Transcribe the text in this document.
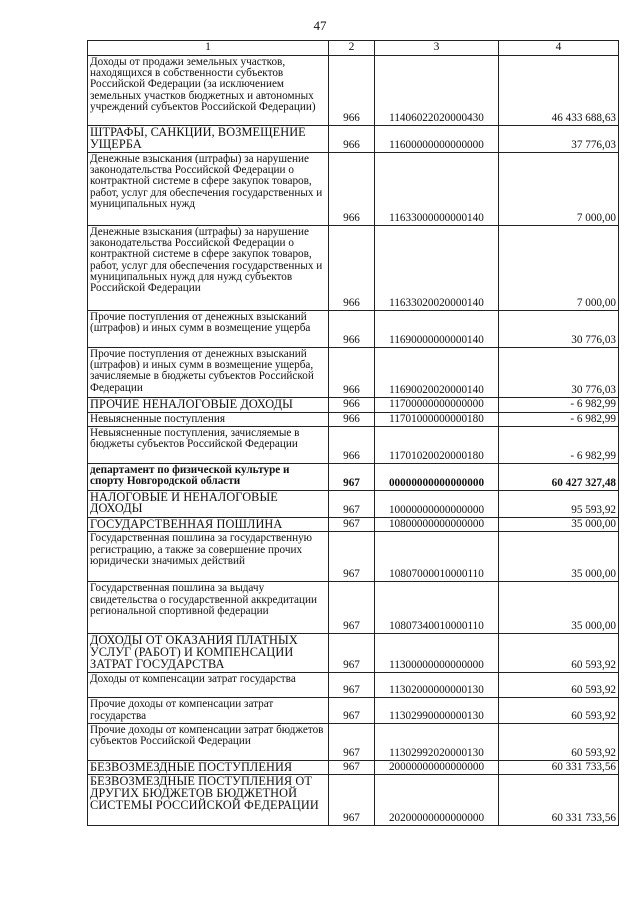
47
1	2	3	4
Доходы от продажи земельных участков, находящихся в собственности субъектов Российской Федерации (за исключением земельных участков бюджетных и автономных учреждений субъектов Российской Федерации)	966	11406022020000430	46 433 688,63
ШТРАФЫ, САНКЦИИ, ВОЗМЕЩЕНИЕ УЩЕРБА	966	11600000000000000	37 776,03
Денежные взыскания (штрафы) за нарушение законодательства Российской Федерации о контрактной системе в сфере закупок товаров, работ, услуг для обеспечения государственных и муниципальных нужд	966	11633000000000140	7 000,00
Денежные взыскания (штрафы) за нарушение законодательства Российской Федерации о контрактной системе в сфере закупок товаров, работ, услуг для обеспечения государственных и муниципальных нужд для нужд субъектов Российской Федерации	966	11633020020000140	7 000,00
Прочие поступления от денежных взысканий (штрафов) и иных сумм в возмещение ущерба	966	11690000000000140	30 776,03
Прочие поступления от денежных взысканий (штрафов) и иных сумм в возмещение ущерба, зачисляемые в бюджеты субъектов Российской Федерации	966	11690020020000140	30 776,03
ПРОЧИЕ НЕНАЛОГОВЫЕ ДОХОДЫ	966	11700000000000000	- 6 982,99
Невыясненные поступления	966	11701000000000180	- 6 982,99
Невыясненные поступления, зачисляемые в бюджеты субъектов Российской Федерации	966	11701020020000180	- 6 982,99
департамент по физической культуре и спорту Новгородской области	967	00000000000000000	60 427 327,48
НАЛОГОВЫЕ И НЕНАЛОГОВЫЕ ДОХОДЫ	967	10000000000000000	95 593,92
ГОСУДАРСТВЕННАЯ ПОШЛИНА	967	10800000000000000	35 000,00
Государственная пошлина за государственную регистрацию, а также за совершение прочих юридически значимых действий	967	10807000010000110	35 000,00
Государственная пошлина за выдачу свидетельства о государственной аккредитации региональной спортивной федерации	967	10807340010000110	35 000,00
ДОХОДЫ ОТ ОКАЗАНИЯ ПЛАТНЫХ УСЛУГ (РАБОТ) И КОМПЕНСАЦИИ ЗАТРАТ ГОСУДАРСТВА	967	11300000000000000	60 593,92
Доходы от компенсации затрат государства	967	11302000000000130	60 593,92
Прочие доходы от компенсации затрат государства	967	11302990000000130	60 593,92
Прочие доходы от компенсации затрат бюджетов субъектов Российской Федерации	967	11302992020000130	60 593,92
БЕЗВОЗМЕЗДНЫЕ ПОСТУПЛЕНИЯ	967	20000000000000000	60 331 733,56
БЕЗВОЗМЕЗДНЫЕ ПОСТУПЛЕНИЯ ОТ ДРУГИХ БЮДЖЕТОВ БЮДЖЕТНОЙ СИСТЕМЫ РОССИЙСКОЙ ФЕДЕРАЦИИ	967	20200000000000000	60 331 733,56
